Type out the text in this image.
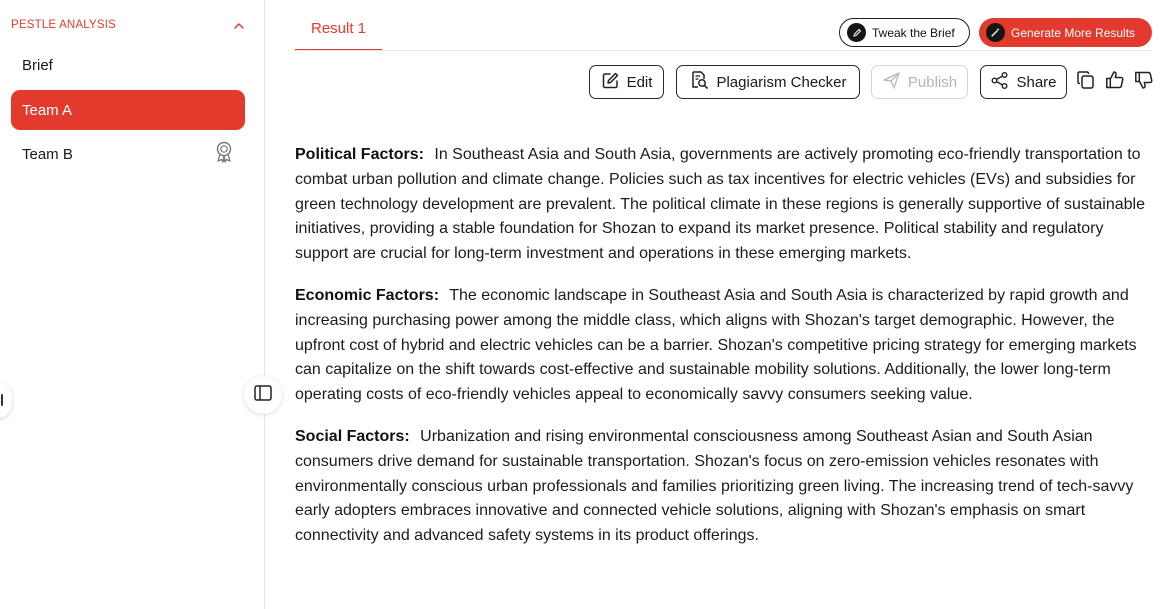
PESTLE ANALYSIS
Brief
Team A
Team B
Result 1	Tweak the Brief	Generate More Results
Edit	Plagiarism Checker	Publish	Share

Political Factors: In Southeast Asia and South Asia, governments are actively promoting eco-friendly transportation to combat urban pollution and climate change. Policies such as tax incentives for electric vehicles (EVs) and subsidies for green technology development are prevalent. The political climate in these regions is generally supportive of sustainable initiatives, providing a stable foundation for Shozan to expand its market presence. Political stability and regulatory support are crucial for long-term investment and operations in these emerging markets.

Economic Factors: The economic landscape in Southeast Asia and South Asia is characterized by rapid growth and increasing purchasing power among the middle class, which aligns with Shozan's target demographic. However, the upfront cost of hybrid and electric vehicles can be a barrier. Shozan's competitive pricing strategy for emerging markets can capitalize on the shift towards cost-effective and sustainable mobility solutions. Additionally, the lower long-term operating costs of eco-friendly vehicles appeal to economically savvy consumers seeking value.

Social Factors: Urbanization and rising environmental consciousness among Southeast Asian and South Asian consumers drive demand for sustainable transportation. Shozan's focus on zero-emission vehicles resonates with environmentally conscious urban professionals and families prioritizing green living. The increasing trend of tech-savvy early adopters embraces innovative and connected vehicle solutions, aligning with Shozan's emphasis on smart connectivity and advanced safety systems in its product offerings.
